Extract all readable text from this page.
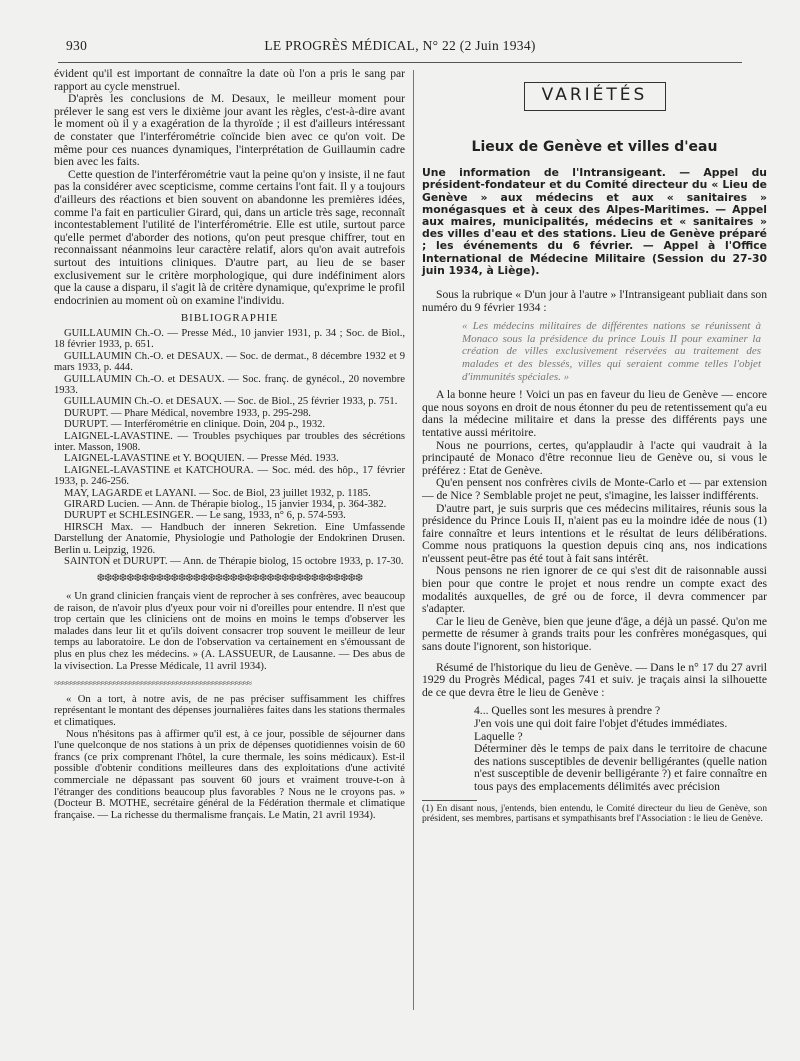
930	LE PROGRÈS MÉDICAL, N° 22 (2 Juin 1934)

évident qu'il est important de connaître la date où l'on a pris le sang par rapport au cycle menstruel.

D'après les conclusions de M. Desaux, le meilleur moment pour prélever le sang est vers le dixième jour avant les règles, c'est-à-dire avant le moment où il y a exagération de la thyroïde ; il est d'ailleurs intéressant de constater que l'interférométrie coïncide bien avec ce qu'on voit. De même pour ces nuances dynamiques, l'interprétation de Guillaumin cadre bien avec les faits.

Cette question de l'interférométrie vaut la peine qu'on y insiste, il ne faut pas la considérer avec scepticisme, comme certains l'ont fait. Il y a toujours d'ailleurs des réactions et bien souvent on abandonne les premières idées, comme l'a fait en particulier Girard, qui, dans un article très sage, reconnaît incontestablement l'utilité de l'interférométrie. Elle est utile, surtout parce qu'elle permet d'aborder des notions, qu'on peut presque chiffrer, tout en reconnaissant néanmoins leur caractère relatif, alors qu'on avait autrefois surtout des intuitions cliniques. D'autre part, au lieu de se baser exclusivement sur le critère morphologique, qui dure indéfiniment alors que la cause a disparu, il s'agit là de critère dynamique, qu'exprime le profil endocrinien au moment où on examine l'individu.

BIBLIOGRAPHIE

GUILLAUMIN Ch.-O. — Presse Méd., 10 janvier 1931, p. 34 ; Soc. de Biol., 18 février 1933, p. 651.

GUILLAUMIN Ch.-O. et DESAUX. — Soc. de dermat., 8 décembre 1932 et 9 mars 1933, p. 444.

GUILLAUMIN Ch.-O. et DESAUX. — Soc. franç. de gynécol., 20 novembre 1933.

GUILLAUMIN Ch.-O. et DESAUX. — Soc. de Biol., 25 février 1933, p. 751.

DURUPT. — Phare Médical, novembre 1933, p. 295-298.

DURUPT. — Interférométrie en clinique. Doin, 204 p., 1932.

LAIGNEL-LAVASTINE. — Troubles psychiques par troubles des sécrétions inter. Masson, 1908.

LAIGNEL-LAVASTINE et Y. BOQUIEN. — Presse Méd. 1933.

LAIGNEL-LAVASTINE et KATCHOURA. — Soc. méd. des hôp., 17 février 1933, p. 246-256.

MAY, LAGARDE et LAYANI. — Soc. de Biol, 23 juillet 1932, p. 1185.

GIRARD Lucien. — Ann. de Thérapie biolog., 15 janvier 1934, p. 364-382.

DURUPT et SCHLESINGER. — Le sang, 1933, n° 6, p. 574-593.

HIRSCH Max. — Handbuch der inneren Sekretion. Eine Umfassende Darstellung der Anatomie, Physiologie und Pathologie der Endokrinen Drusen. Berlin u. Leipzig, 1926.

SAINTON et DURUPT. — Ann. de Thérapie biolog, 15 octobre 1933, p. 17-30.

❆❆❆❆❆❆❆❆❆❆❆❆❆❆❆❆❆❆❆❆❆❆❆❆❆❆❆❆❆❆❆❆❆❆❆❆

« Un grand clinicien français vient de reprocher à ses confrères, avec beaucoup de raison, de n'avoir plus d'yeux pour voir ni d'oreilles pour entendre. Il n'est que trop certain que les cliniciens ont de moins en moins le temps d'observer les malades dans leur lit et qu'ils doivent consacrer trop souvent le meilleur de leur temps au laboratoire. Le don de l'observation va certainement en s'émoussant de plus en plus chez les médecins. » (A. LASSUEUR, de Lausanne. — Des abus de la vivisection. La Presse Médicale, 11 avril 1934).

≈≈≈≈≈≈≈≈≈≈≈≈≈≈≈≈≈≈≈≈≈≈≈≈≈≈≈≈≈≈≈≈≈≈≈≈≈≈≈≈≈≈≈≈≈≈≈≈≈≈

« On a tort, à notre avis, de ne pas préciser suffisamment les chiffres représentant le montant des dépenses journalières faites dans les stations thermales et climatiques.

Nous n'hésitons pas à affirmer qu'il est, à ce jour, possible de séjourner dans l'une quelconque de nos stations à un prix de dépenses quotidiennes voisin de 60 francs (ce prix comprenant l'hôtel, la cure thermale, les soins médicaux). Est-il possible d'obtenir conditions meilleures dans des exploitations d'une activité commerciale ne dépassant pas souvent 60 jours et vraiment trouve-t-on à l'étranger des conditions beaucoup plus favorables ? Nous ne le croyons pas. » (Docteur B. MOTHE, secrétaire général de la Fédération thermale et climatique française. — La richesse du thermalisme français. Le Matin, 21 avril 1934).

VARIÉTÉS
Lieux de Genève et villes d'eau

Une information de l'Intransigeant. — Appel du président-fondateur et du Comité directeur du « Lieu de Genève » aux médecins et aux « sanitaires » monégasques et à ceux des Alpes-Maritimes. — Appel aux maires, municipalités, médecins et « sanitaires » des villes d'eau et des stations. Lieu de Genève préparé ; les événements du 6 février. — Appel à l'Office International de Médecine Militaire (Session du 27-30 juin 1934, à Liège).

Sous la rubrique « D'un jour à l'autre » l'Intransigeant publiait dans son numéro du 9 février 1934 :

« Les médecins militaires de différentes nations se réunissent à Monaco sous la présidence du prince Louis II pour examiner la création de villes exclusivement réservées au traitement des malades et des blessés, villes qui seraient comme telles l'objet d'immunités spéciales. »

A la bonne heure ! Voici un pas en faveur du lieu de Genève — encore que nous soyons en droit de nous étonner du peu de retentissement qu'a eu dans la médecine militaire et dans la presse des différents pays une tentative aussi méritoire.

Nous ne pourrions, certes, qu'applaudir à l'acte qui vaudrait à la principauté de Monaco d'être reconnue lieu de Genève ou, si vous le préférez : Etat de Genève.

Qu'en pensent nos confrères civils de Monte-Carlo et — par extension — de Nice ? Semblable projet ne peut, s'imagine, les laisser indifférents.

D'autre part, je suis surpris que ces médecins militaires, réunis sous la présidence du Prince Louis II, n'aient pas eu la moindre idée de nous (1) faire connaître et leurs intentions et le résultat de leurs délibérations. Comme nous pratiquons la question depuis cinq ans, nos indications n'eussent peut-être pas été tout à fait sans intérêt.

Nous pensons ne rien ignorer de ce qui s'est dit de raisonnable aussi bien pour que contre le projet et nous rendre un compte exact des modalités auxquelles, de gré ou de force, il devra commencer par s'adapter.

Car le lieu de Genève, bien que jeune d'âge, a déjà un passé. Qu'on me permette de résumer à grands traits pour les confrères monégasques, qui sans doute l'ignorent, son historique.

Résumé de l'historique du lieu de Genève. — Dans le n° 17 du 27 avril 1929 du Progrès Médical, pages 741 et suiv. je traçais ainsi la silhouette de ce que devra être le lieu de Genève :

4... Quelles sont les mesures à prendre ?

J'en vois une qui doit faire l'objet d'études immédiates.

Laquelle ?

Déterminer dès le temps de paix dans le territoire de chacune des nations susceptibles de devenir belligérantes (quelle nation n'est susceptible de devenir belligérante ?) et faire connaître en tous pays des emplacements délimités avec précision

(1) En disant nous, j'entends, bien entendu, le Comité directeur du lieu de Genève, son président, ses membres, partisans et sympathisants bref l'Association : le lieu de Genève.
